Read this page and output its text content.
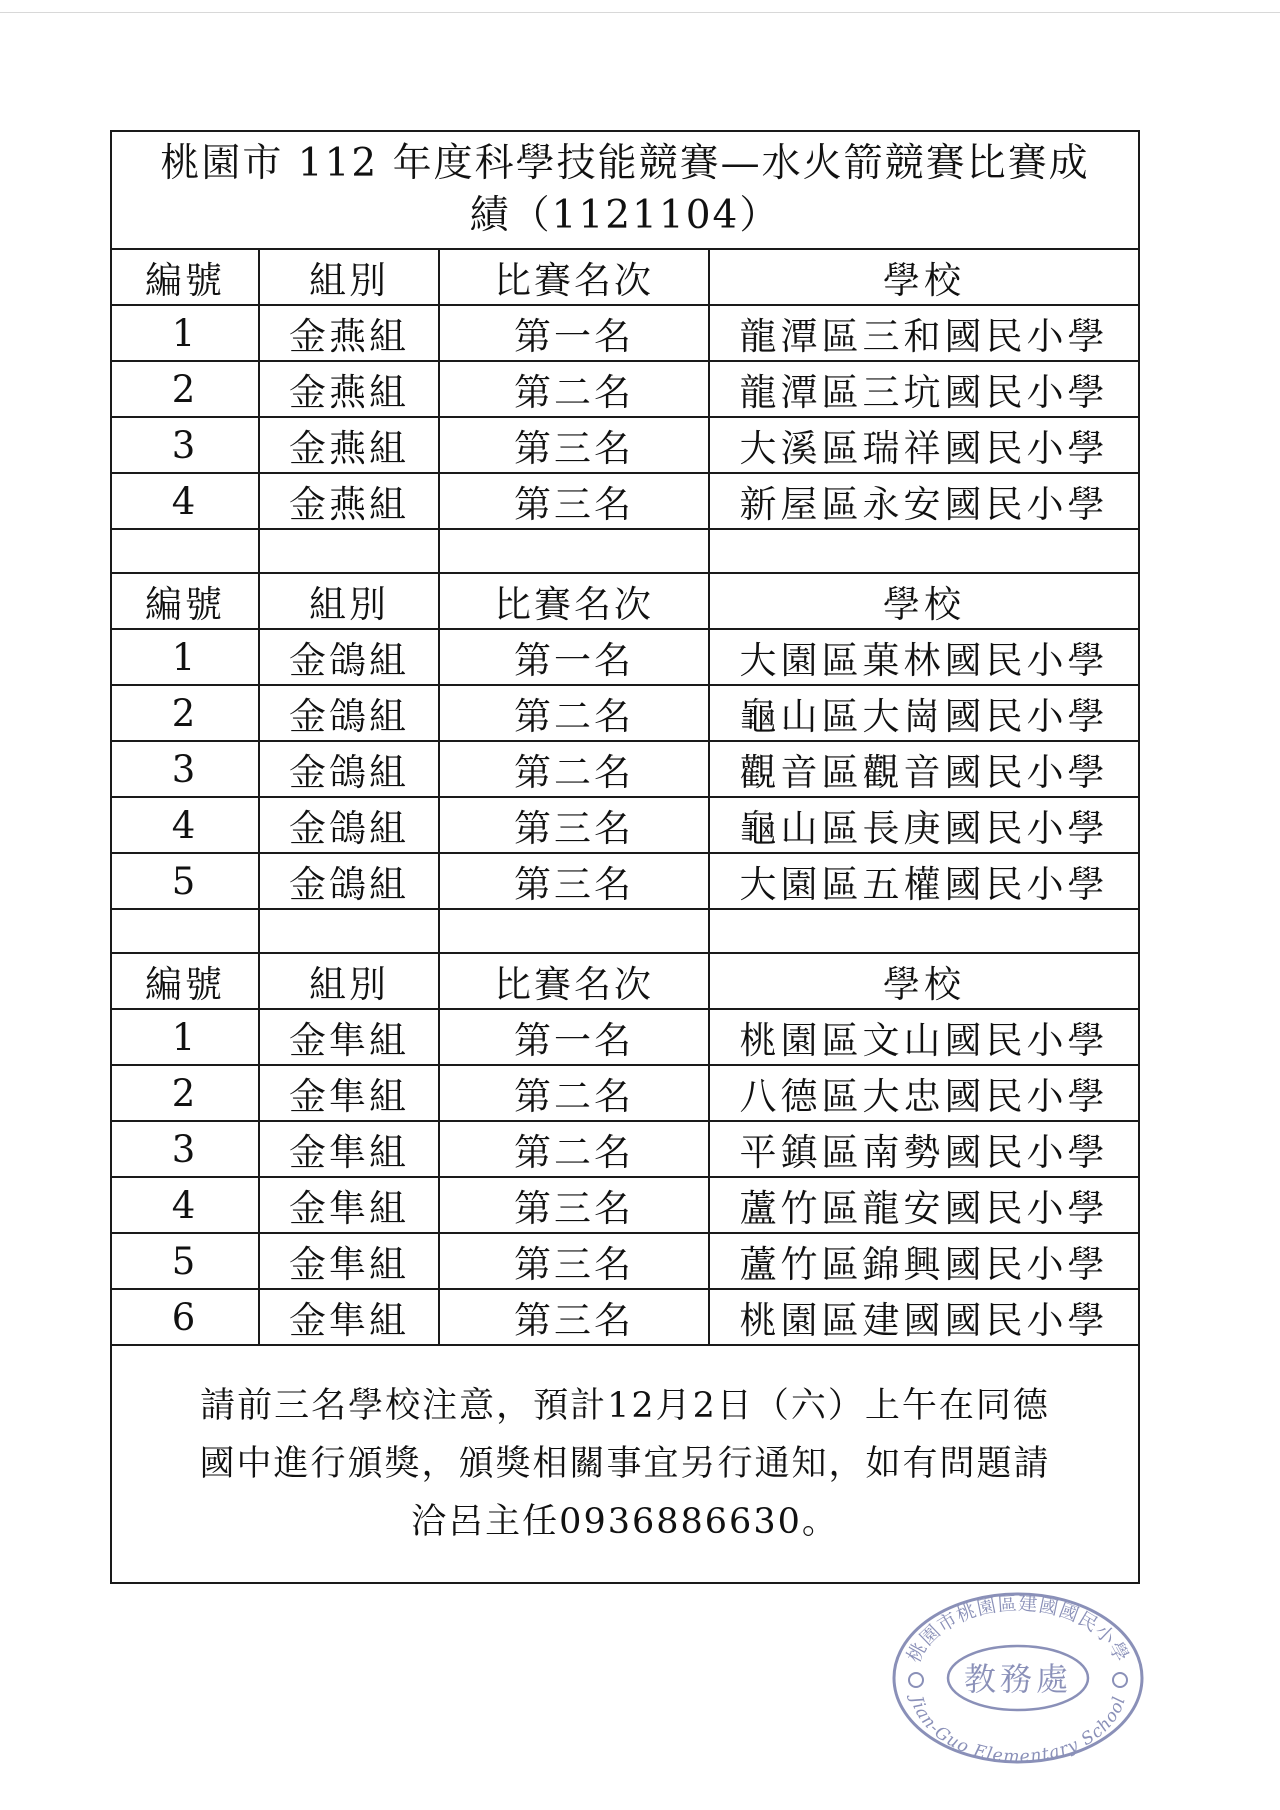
桃園市 112 年度科學技能競賽—水火箭競賽比賽成
績（1121104）			

編號	組別	比賽名次	學校
1	金燕組	第一名	龍潭區三和國民小學
2	金燕組	第二名	龍潭區三坑國民小學
3	金燕組	第三名	大溪區瑞祥國民小學
4	金燕組	第三名	新屋區永安國民小學

編號	組別	比賽名次	學校
1	金鴿組	第一名	大園區菓林國民小學
2	金鴿組	第二名	龜山區大崗國民小學
3	金鴿組	第二名	觀音區觀音國民小學
4	金鴿組	第三名	龜山區長庚國民小學
5	金鴿組	第三名	大園區五權國民小學

編號	組別	比賽名次	學校
1	金隼組	第一名	桃園區文山國民小學
2	金隼組	第二名	八德區大忠國民小學
3	金隼組	第二名	平鎮區南勢國民小學
4	金隼組	第三名	蘆竹區龍安國民小學
5	金隼組	第三名	蘆竹區錦興國民小學
6	金隼組	第三名	桃園區建國國民小學

請前三名學校注意，預計12月2日（六）上午在同德
國中進行頒獎，頒獎相關事宜另行通知，如有問題請
洽呂主任0936886630。			
桃園市桃園區建國國民小學
Jian-Guo Elementary School
教務處
